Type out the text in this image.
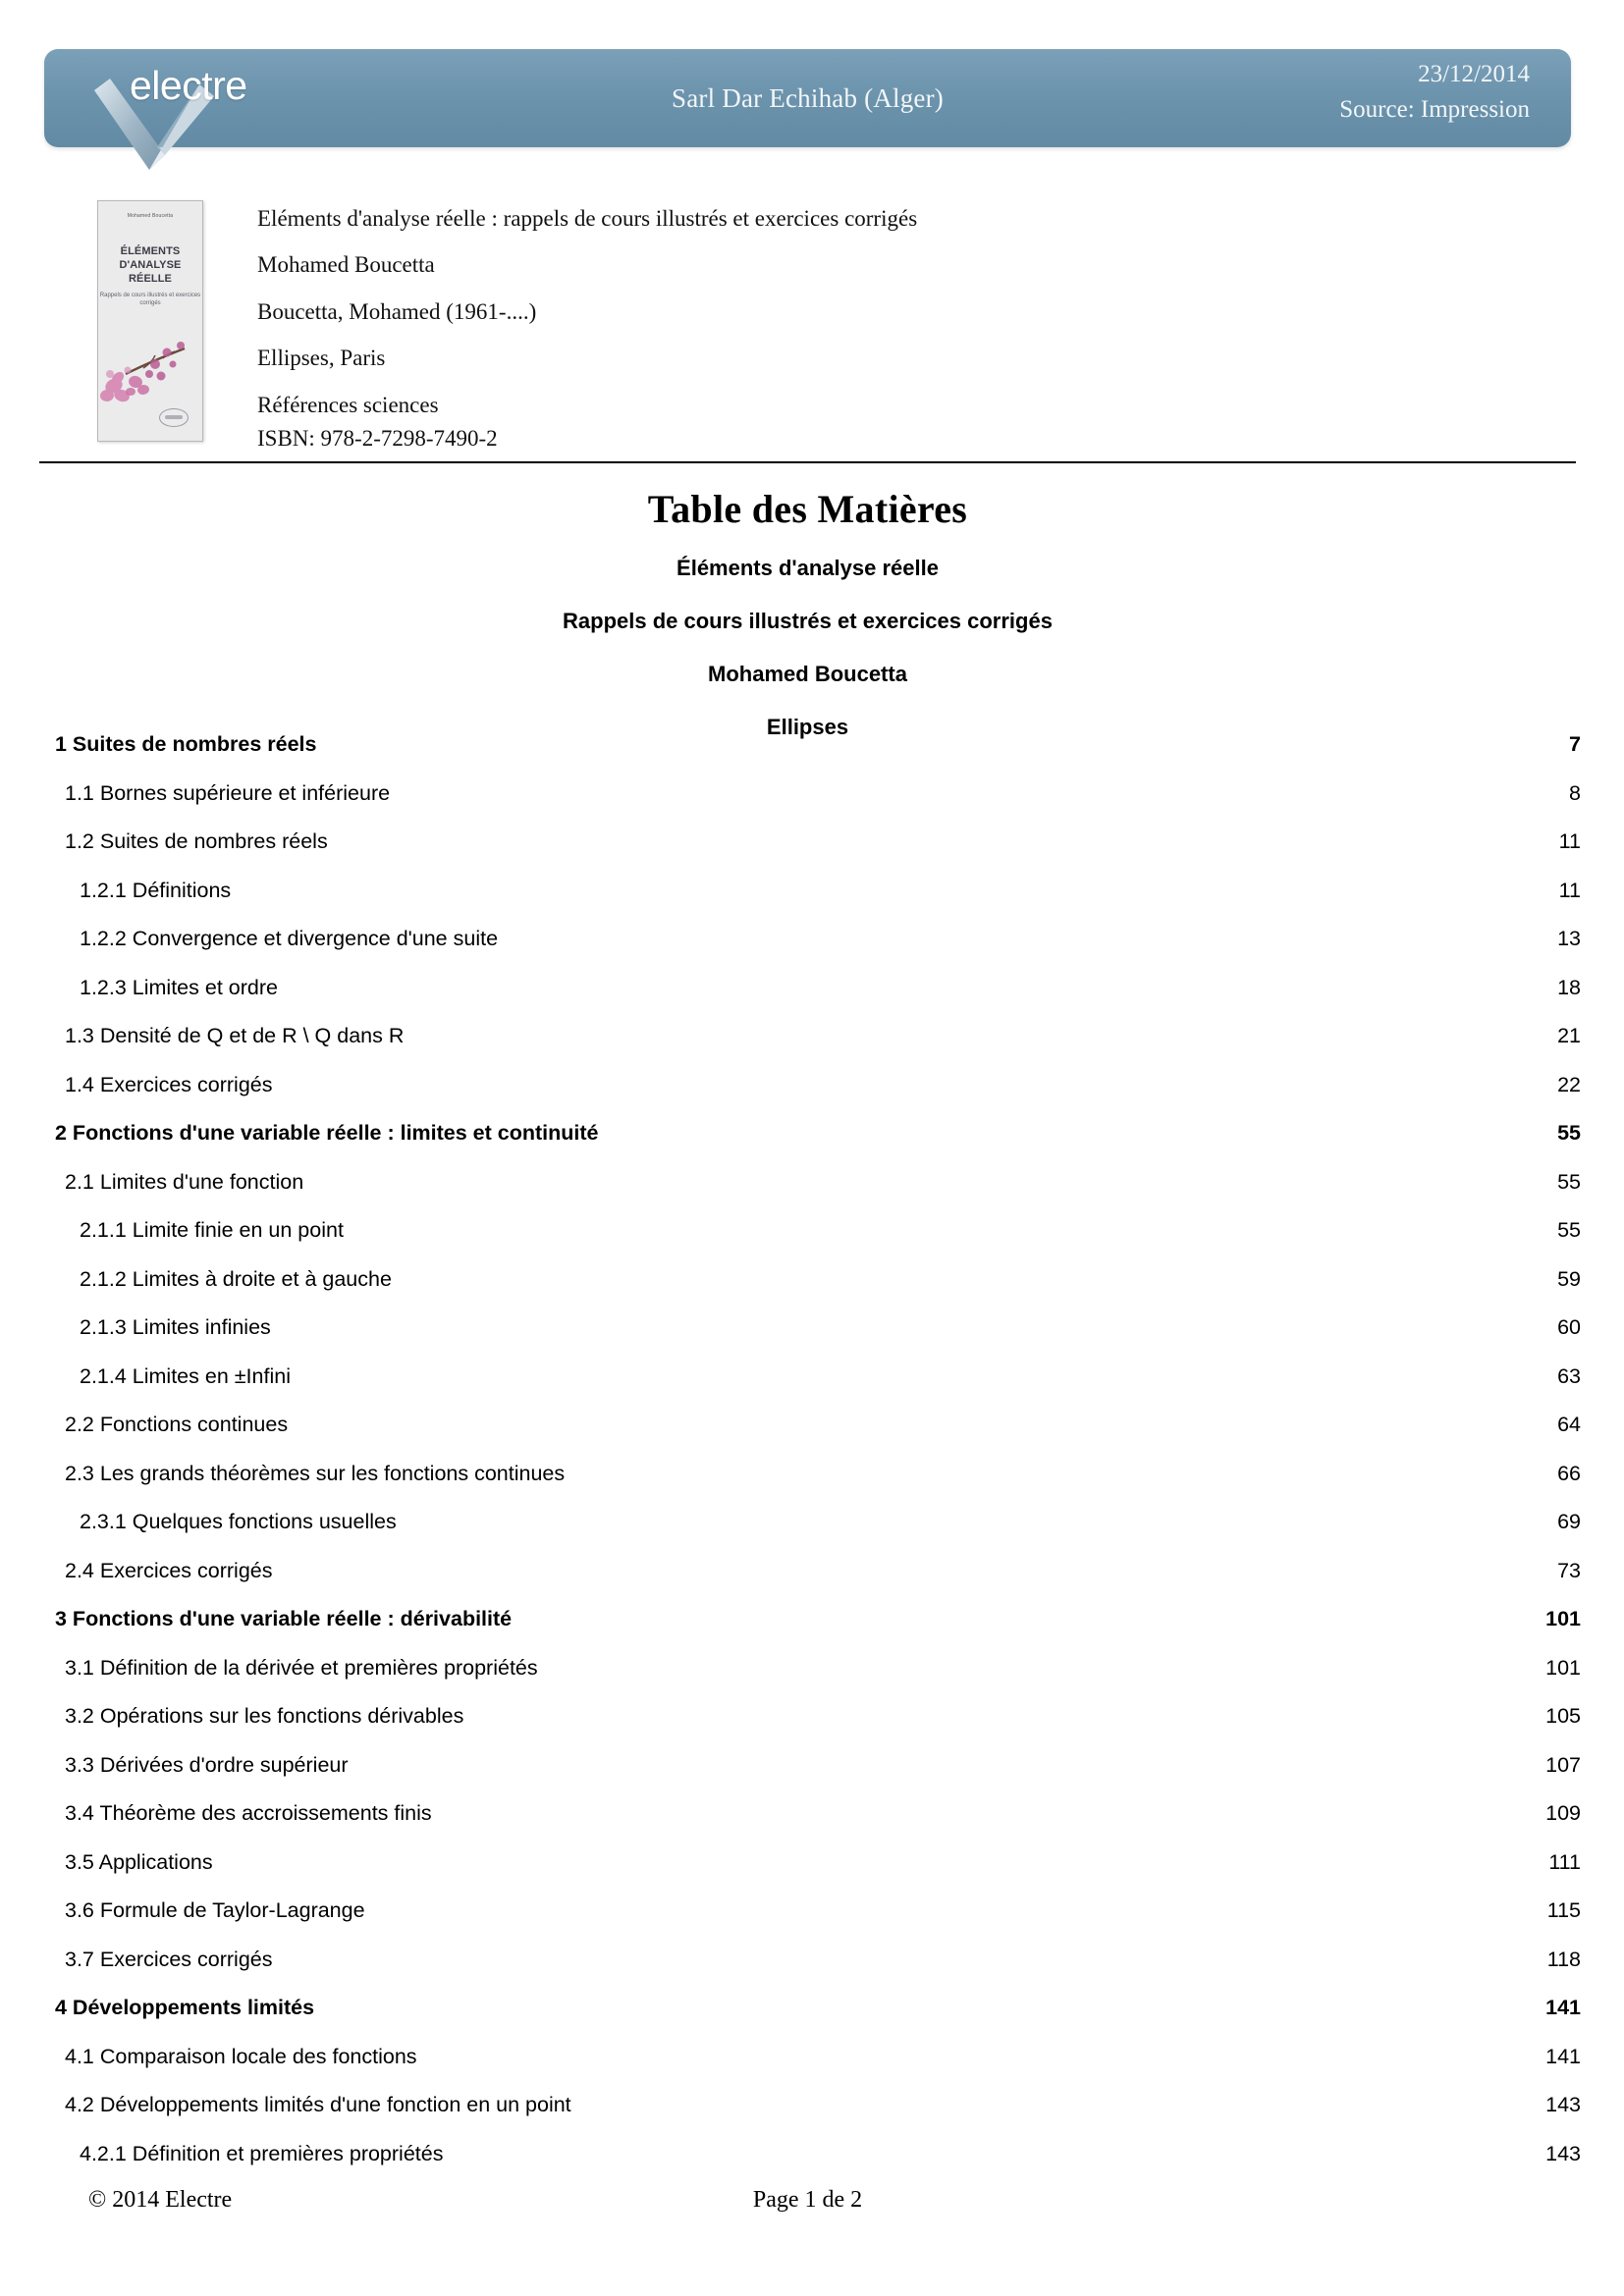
Sarl Dar Echihab (Alger)
23/12/2014
Source: Impression
electre
Mohamed Boucetta
ÉLÉMENTS D'ANALYSE RÉELLE
Rappels de cours illustrés et exercices corrigés
Eléments d'analyse réelle : rappels de cours illustrés et exercices corrigés
Mohamed Boucetta
Boucetta, Mohamed (1961-....)
Ellipses, Paris
Références sciences
ISBN: 978-2-7298-7490-2
Table des Matières
Éléments d'analyse réelle
Rappels de cours illustrés et exercices corrigés
Mohamed Boucetta
Ellipses
1 Suites de nombres réels	7
1.1 Bornes supérieure et inférieure	8
1.2 Suites de nombres réels	11
1.2.1 Définitions	11
1.2.2 Convergence et divergence d'une suite	13
1.2.3 Limites et ordre	18
1.3 Densité de Q et de R \ Q dans R	21
1.4 Exercices corrigés	22
2 Fonctions d'une variable réelle : limites et continuité	55
2.1 Limites d'une fonction	55
2.1.1 Limite finie en un point	55
2.1.2 Limites à droite et à gauche	59
2.1.3 Limites infinies	60
2.1.4 Limites en ±Infini	63
2.2 Fonctions continues	64
2.3 Les grands théorèmes sur les fonctions continues	66
2.3.1 Quelques fonctions usuelles	69
2.4 Exercices corrigés	73
3 Fonctions d'une variable réelle : dérivabilité	101
3.1 Définition de la dérivée et premières propriétés	101
3.2 Opérations sur les fonctions dérivables	105
3.3 Dérivées d'ordre supérieur	107
3.4 Théorème des accroissements finis	109
3.5 Applications	111
3.6 Formule de Taylor-Lagrange	115
3.7 Exercices corrigés	118
4 Développements limités	141
4.1 Comparaison locale des fonctions	141
4.2 Développements limités d'une fonction en un point	143
4.2.1 Définition et premières propriétés	143
© 2014 Electre	Page 1 de 2
